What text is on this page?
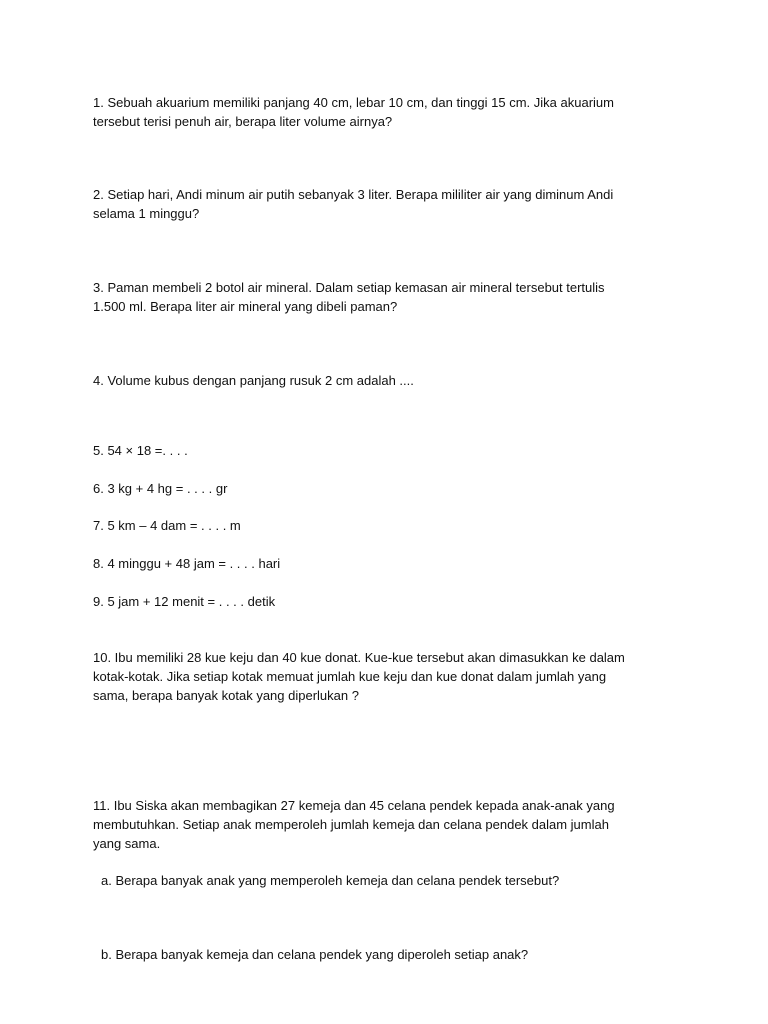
1. Sebuah akuarium memiliki panjang 40 cm, lebar 10 cm, dan tinggi 15 cm. Jika akuarium
tersebut terisi penuh air, berapa liter volume airnya?
2. Setiap hari, Andi minum air putih sebanyak 3 liter. Berapa mililiter air yang diminum Andi
selama 1 minggu?
3. Paman membeli 2 botol air mineral. Dalam setiap kemasan air mineral tersebut tertulis
1.500 ml. Berapa liter air mineral yang dibeli paman?
4. Volume kubus dengan panjang rusuk 2 cm adalah ....
5. 54 × 18 =. . . .
6. 3 kg + 4 hg = . . . . gr
7. 5 km – 4 dam = . . . . m
8. 4 minggu + 48 jam = . . . . hari
9. 5 jam + 12 menit = . . . . detik
10. Ibu memiliki 28 kue keju dan 40 kue donat. Kue-kue tersebut akan dimasukkan ke dalam
kotak-kotak. Jika setiap kotak memuat jumlah kue keju dan kue donat dalam jumlah yang
sama, berapa banyak kotak yang diperlukan ?
11. Ibu Siska akan membagikan 27 kemeja dan 45 celana pendek kepada anak-anak yang
membutuhkan. Setiap anak memperoleh jumlah kemeja dan celana pendek dalam jumlah
yang sama.
a. Berapa banyak anak yang memperoleh kemeja dan celana pendek tersebut?
b. Berapa banyak kemeja dan celana pendek yang diperoleh setiap anak?
